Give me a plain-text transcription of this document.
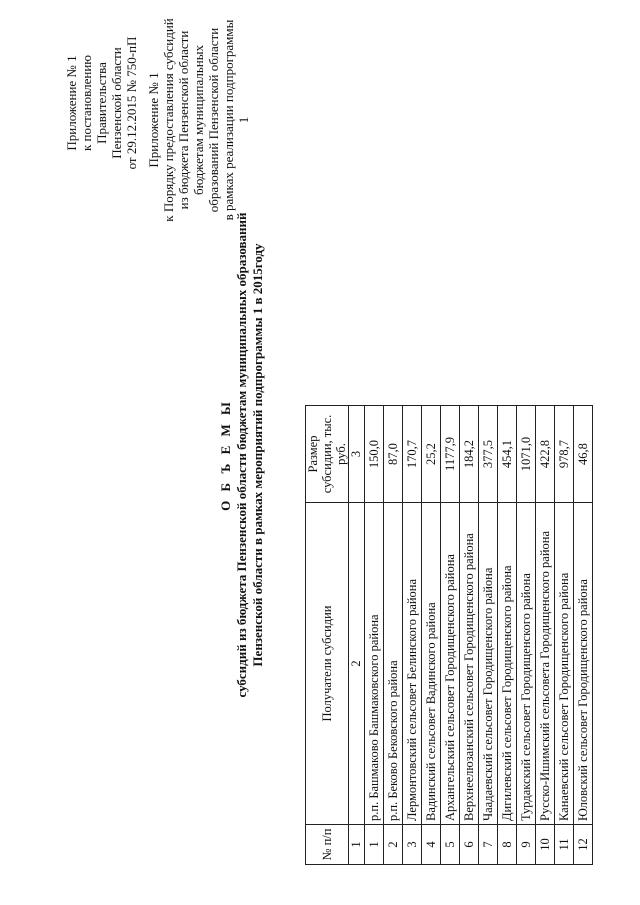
Приложение № 1 к постановлению Правительства Пензенской области от 29.12.2015 № 750-пП Приложение № 1 к Порядку предоставления субсидий из бюджета Пензенской области бюджетам муниципальных образований Пензенской области в рамках реализации подпрограммы 1
О Б Ъ Е М Ы субсидий из бюджета Пензенской области бюджетам муниципальных образований Пензенской области в рамках мероприятий подпрограммы 1 в 2015году
№ п/п	Получатели субсидии	Размер субсидии, тыс. руб.
1	2	3
1	р.п. Башмаково Башмаковского района	150,0
2	р.п. Бековo Бековского района	87,0
3	Лермонтовский сельсовет Белинского района	170,7
4	Вадинский сельсовет Вадинского района	25,2
5	Архангельский сельсовет Городищенского района	1177,9
6	Верхнеелюзанский сельсовет Городищенского района	184,2
7	Чаадаевский сельсовет Городищенского района	377,5
8	Дигилевский сельсовет Городищенского района	454,1
9	Турдакский сельсовет Городищенского района	1071,0
10	Русско-Ишимский сельсовета Городищенского района	422,8
11	Канаевский сельсовет Городищенского района	978,7
12	Юловский сельсовет Городищенского района	46,8
